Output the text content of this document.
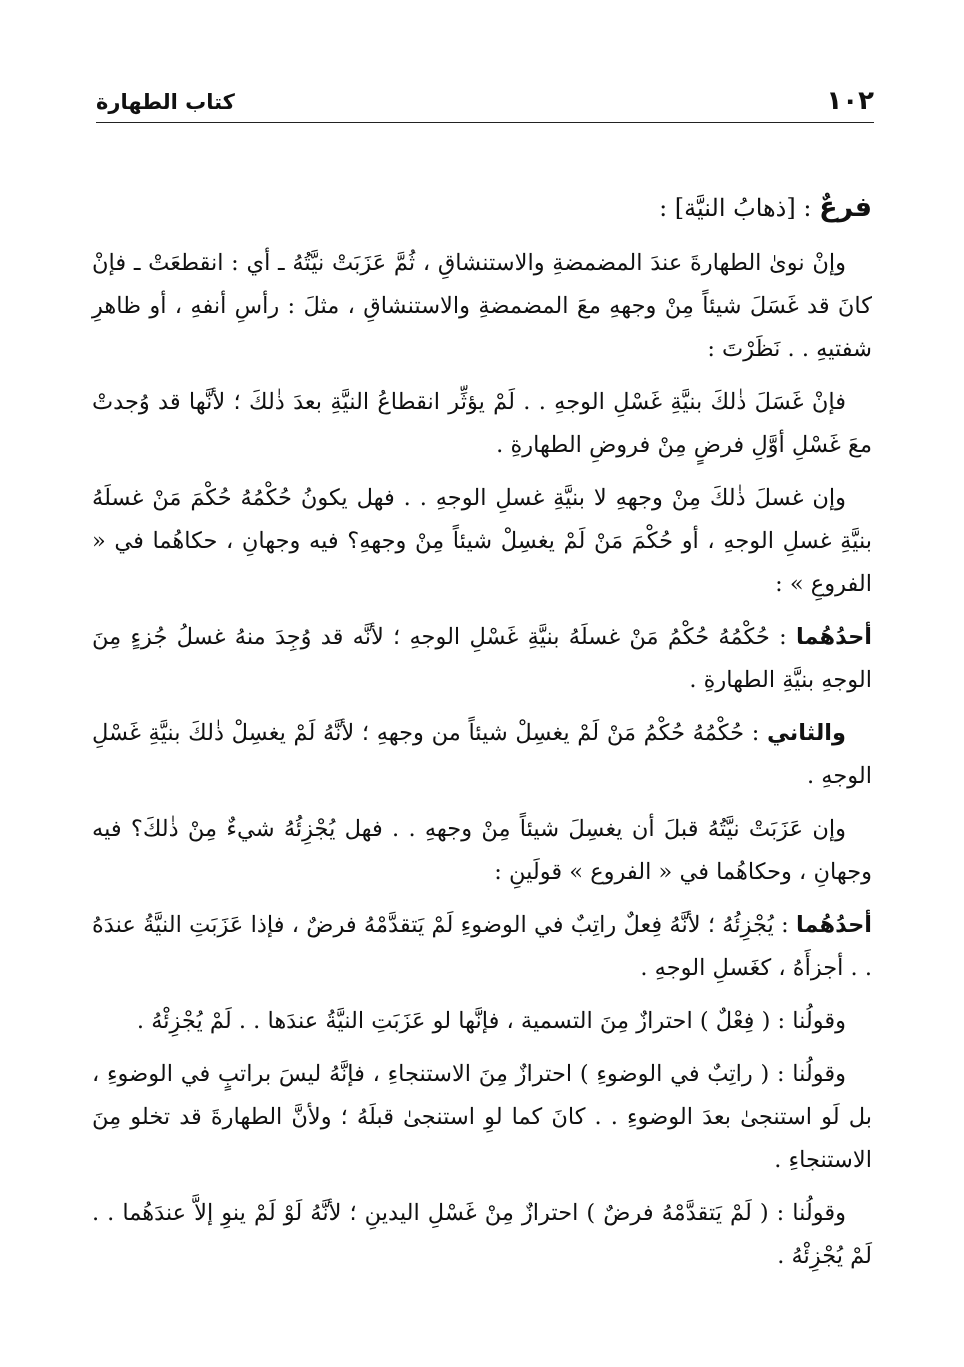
١٠٢
كتاب الطهارة

فرعٌ : [ذهابُ النيَّة] :

وإنْ نوىٰ الطهارةَ عندَ المضمضةِ والاستنشاقِ ، ثُمَّ عَزَبَتْ نيَّتُهُ ـ أي : انقطعَتْ ـ فإنْ كانَ قد غَسَلَ شيئاً مِنْ وجههِ معَ المضمضةِ والاستنشاقِ ، مثلَ : رأسِ أنفهِ ، أو ظاهرِ شفتيهِ . . نَظَرْتَ :

فإنْ غَسَلَ ذٰلكَ بنيَّةِ غَسْلِ الوجهِ . . لَمْ يؤثِّر انقطاعُ النيَّةِ بعدَ ذٰلكَ ؛ لأنَّها قد وُجدتْ معَ غَسْلِ أوَّلِ فرضٍ مِنْ فروضِ الطهارةِ .

وإن غسلَ ذٰلكَ مِنْ وجههِ لا بنيَّةِ غسلِ الوجهِ . . فهل يكونُ حُكْمُهُ حُكْمَ مَنْ غسلَهُ بنيَّةِ غسلِ الوجهِ ، أو حُكْمَ مَنْ لَمْ يغسِلْ شيئاً مِنْ وجههِ؟ فيه وجهانِ ، حكاهُما في « الفروعِ » :

أحدُهُما : حُكْمُهُ حُكْمُ مَنْ غسلَهُ بنيَّةِ غَسْلِ الوجهِ ؛ لأنَّه قد وُجِدَ منهُ غسلُ جُزءٍ مِنَ الوجهِ بنيَّةِ الطهارةِ .

والثاني : حُكْمُهُ حُكْمُ مَنْ لَمْ يغسِلْ شيئاً من وجههِ ؛ لأنَّهُ لَمْ يغسِلْ ذٰلكَ بنيَّةِ غَسْلِ الوجهِ .

وإن عَزَبَتْ نيَّتُهُ قبلَ أن يغسِلَ شيئاً مِنْ وجههِ . . فهل يُجْزِئُهُ شيءٌ مِنْ ذٰلكَ؟ فيه وجهانِ ، وحكاهُما في « الفروع » قولَينِ :

أحدُهُما : يُجْزِئُهُ ؛ لأنَّهُ فِعلٌ راتِبٌ في الوضوءِ لَمْ يَتقدَّمْهُ فرضٌ ، فإذا عَزَبَتِ النيَّةُ عندَهُ . . أجزأَهُ ، كغَسلِ الوجهِ .

وقولُنا : ( فِعْلٌ ) احترازٌ مِنَ التسمية ، فإنَّها لو عَزَبَتِ النيَّةُ عندَها . . لَمْ يُجْزِئْهُ .

وقولُنا : ( راتِبٌ في الوضوءِ ) احترازٌ مِنَ الاستنجاءِ ، فإنَّهُ ليسَ براتبٍ في الوضوءِ ، بل لَو استنجىٰ بعدَ الوضوءِ . . كانَ كما لوِ استنجىٰ قبلَهُ ؛ ولأنَّ الطهارةَ قد تخلو مِنَ الاستنجاءِ .

وقولُنا : ( لَمْ يَتقدَّمْهُ فرضٌ ) احترازٌ مِنْ غَسْلِ اليدينِ ؛ لأنَّهُ لَوْ لَمْ ينوِ إلاَّ عندَهُما . . لَمْ يُجْزِئْهُ .
